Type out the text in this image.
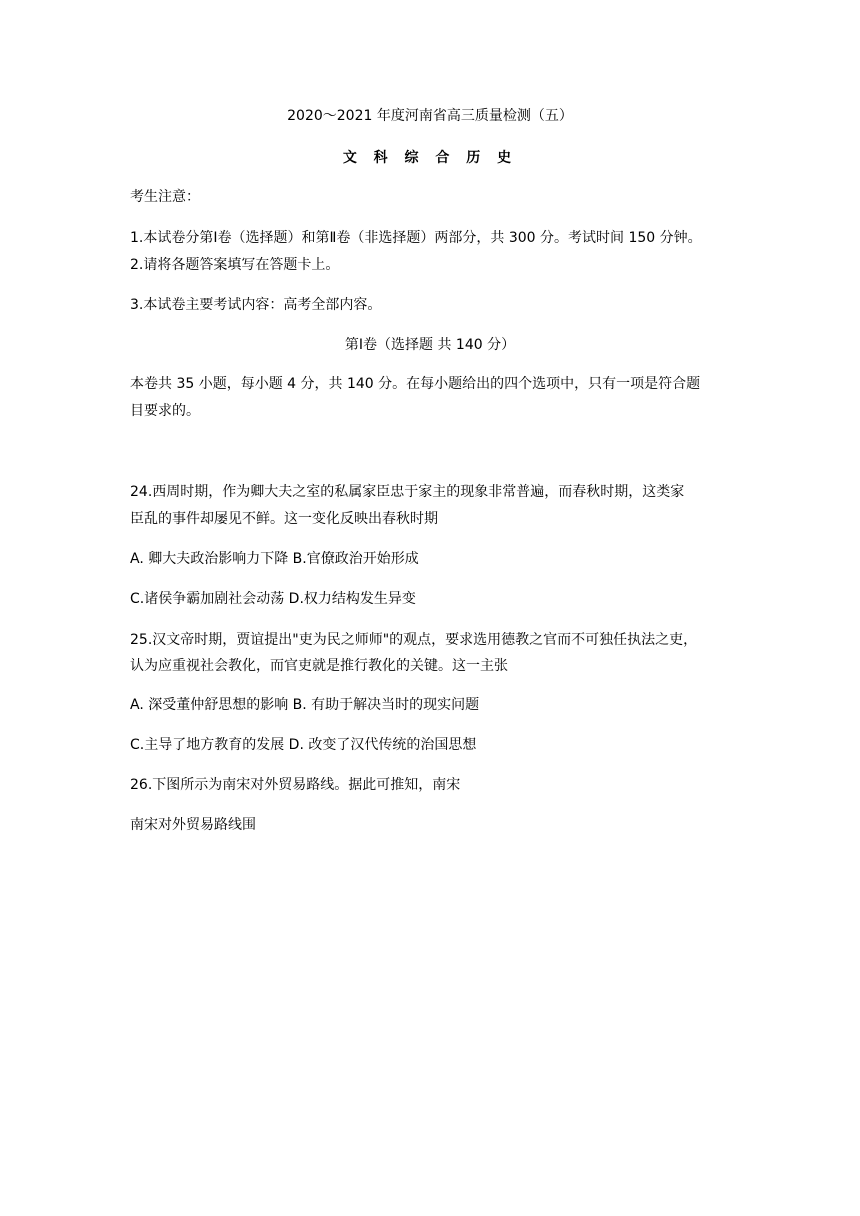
2020～2021 年度河南省高三质量检测（五）
文 科 综 合 历 史
考生注意：
1.本试卷分第Ⅰ卷（选择题）和第Ⅱ卷（非选择题）两部分，共 300 分。考试时间 150 分钟。
2.请将各题答案填写在答题卡上。
3.本试卷主要考试内容：高考全部内容。
第Ⅰ卷（选择题 共 140 分）
本卷共 35 小题，每小题 4 分，共 140 分。在每小题给出的四个选项中，只有一项是符合题
目要求的。
24.西周时期，作为卿大夫之室的私属家臣忠于家主的现象非常普遍，而春秋时期，这类家
臣乱的事件却屡见不鲜。这一变化反映出春秋时期
A. 卿大夫政治影响力下降 B.官僚政治开始形成
C.诸侯争霸加剧社会动荡 D.权力结构发生异变
25.汉文帝时期，贾谊提出"吏为民之师师"的观点，要求选用德教之官而不可独任执法之吏，
认为应重视社会教化，而官吏就是推行教化的关键。这一主张
A. 深受董仲舒思想的影响 B. 有助于解决当时的现实问题
C.主导了地方教育的发展 D. 改变了汉代传统的治国思想
26.下图所示为南宋对外贸易路线。据此可推知，南宋
南宋对外贸易路线围
